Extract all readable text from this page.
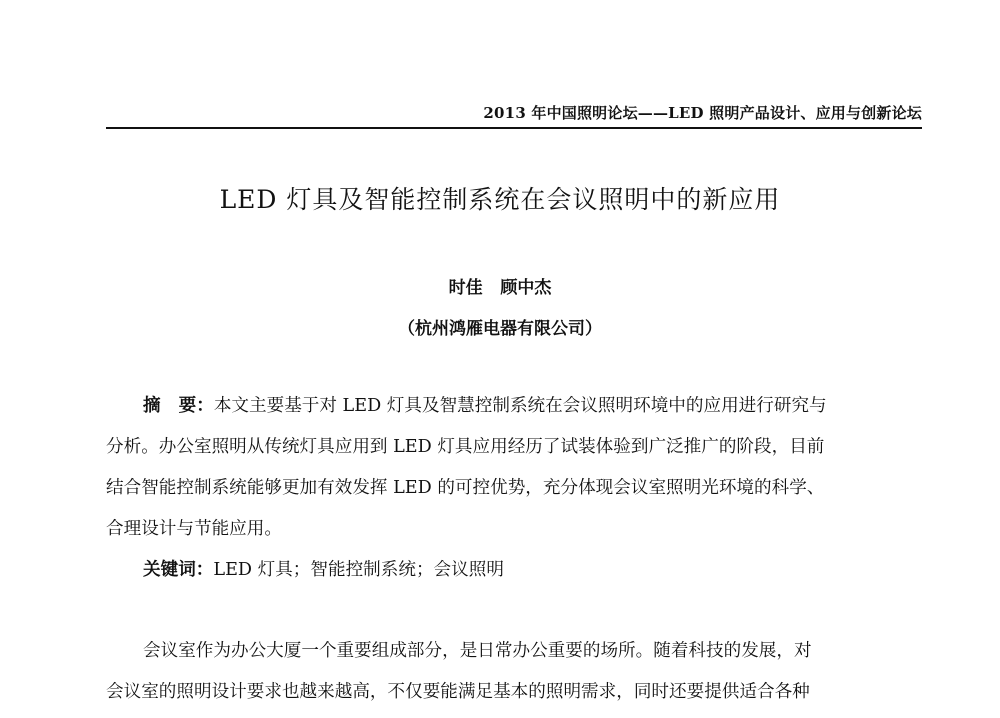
2013 年中国照明论坛——LED 照明产品设计、应用与创新论坛
LED 灯具及智能控制系统在会议照明中的新应用
时佳   顾中杰
（杭州鸿雁电器有限公司）
摘 要：本文主要基于对 LED 灯具及智慧控制系统在会议照明环境中的应用进行研究与
分析。办公室照明从传统灯具应用到 LED 灯具应用经历了试装体验到广泛推广的阶段，目前
结合智能控制系统能够更加有效发挥 LED 的可控优势，充分体现会议室照明光环境的科学、
合理设计与节能应用。
关键词：LED 灯具；智能控制系统；会议照明
会议室作为办公大厦一个重要组成部分，是日常办公重要的场所。随着科技的发展，对
会议室的照明设计要求也越来越高，不仅要能满足基本的照明需求，同时还要提供适合各种
